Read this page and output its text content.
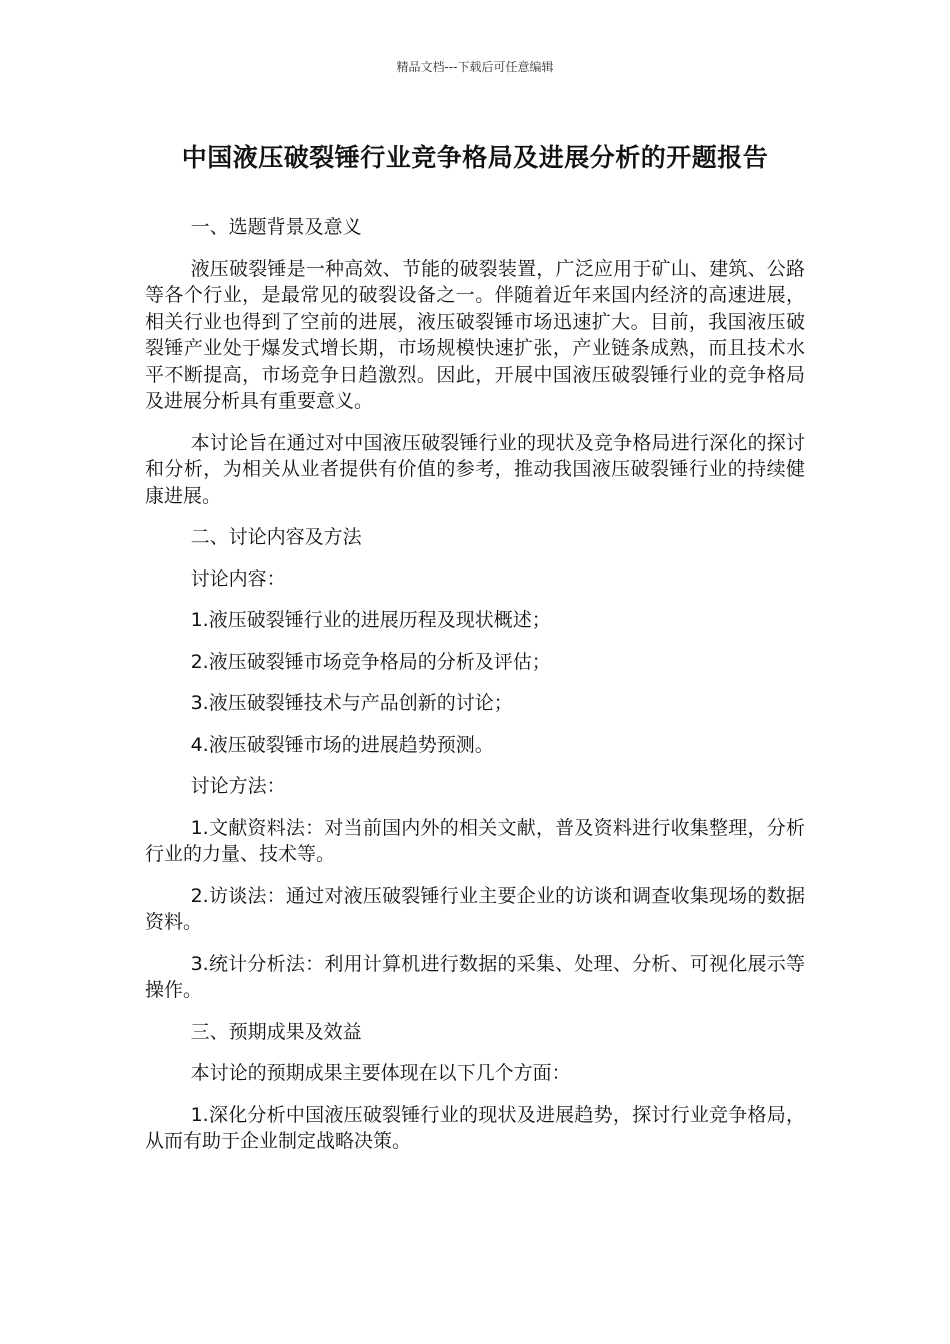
精品文档---下载后可任意编辑
中国液压破裂锤行业竞争格局及进展分析的开题报告

一、选题背景及意义

液压破裂锤是一种高效、节能的破裂装置，广泛应用于矿山、建筑、公路等各个行业，是最常见的破裂设备之一。伴随着近年来国内经济的高速进展，相关行业也得到了空前的进展，液压破裂锤市场迅速扩大。目前，我国液压破裂锤产业处于爆发式增长期，市场规模快速扩张，产业链条成熟，而且技术水平不断提高，市场竞争日趋激烈。因此，开展中国液压破裂锤行业的竞争格局及进展分析具有重要意义。

本讨论旨在通过对中国液压破裂锤行业的现状及竞争格局进行深化的探讨和分析，为相关从业者提供有价值的参考，推动我国液压破裂锤行业的持续健康进展。

二、讨论内容及方法

讨论内容：

1.液压破裂锤行业的进展历程及现状概述；

2.液压破裂锤市场竞争格局的分析及评估；

3.液压破裂锤技术与产品创新的讨论；

4.液压破裂锤市场的进展趋势预测。

讨论方法：

1.文献资料法：对当前国内外的相关文献，普及资料进行收集整理，分析行业的力量、技术等。

2.访谈法：通过对液压破裂锤行业主要企业的访谈和调查收集现场的数据资料。

3.统计分析法：利用计算机进行数据的采集、处理、分析、可视化展示等操作。

三、预期成果及效益

本讨论的预期成果主要体现在以下几个方面：

1.深化分析中国液压破裂锤行业的现状及进展趋势，探讨行业竞争格局，从而有助于企业制定战略决策。
